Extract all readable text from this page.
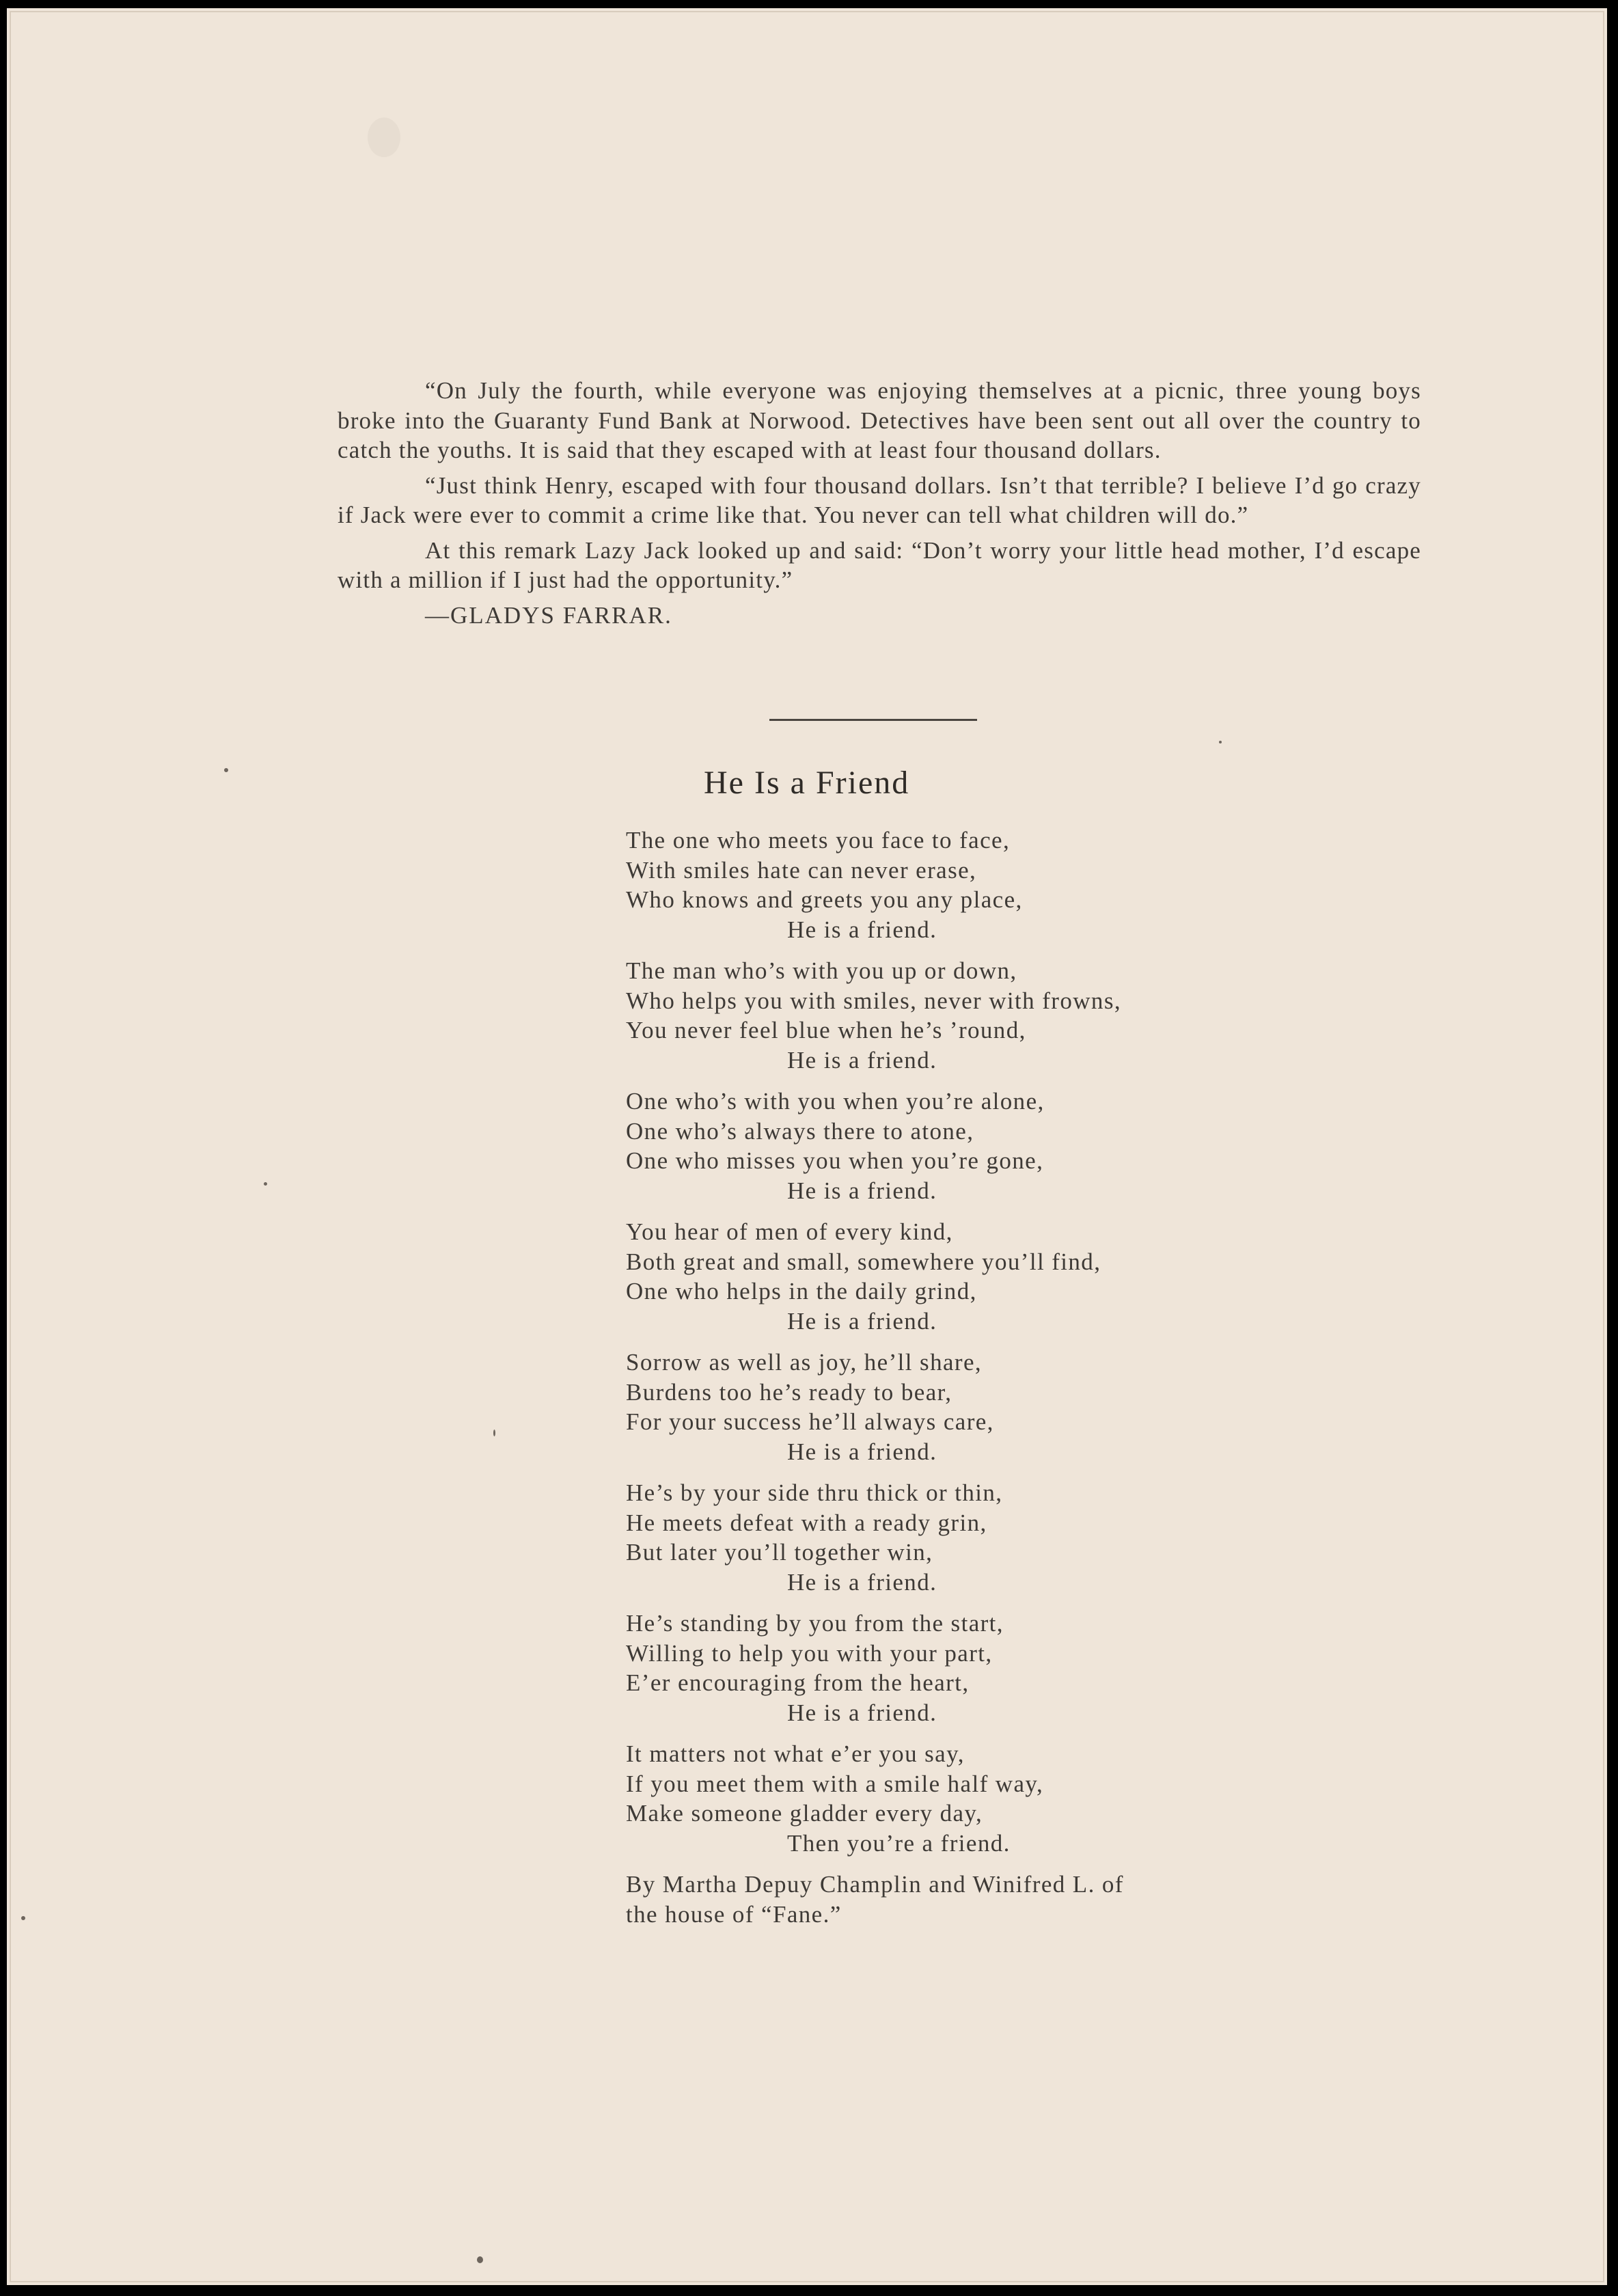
“On July the fourth, while everyone was enjoying themselves at a picnic, three young boys broke into the Guaranty Fund Bank at Norwood. Detectives have been sent out all over the country to catch the youths. It is said that they escaped with at least four thousand dollars.

“Just think Henry, escaped with four thousand dollars. Isn’t that terrible? I believe I’d go crazy if Jack were ever to commit a crime like that. You never can tell what children will do.”

At this remark Lazy Jack looked up and said: “Don’t worry your little head mother, I’d escape with a million if I just had the opportunity.”

—GLADYS FARRAR.

He Is a Friend
The one who meets you face to face,
With smiles hate can never erase,
Who knows and greets you any place,
He is a friend.
The man who’s with you up or down,
Who helps you with smiles, never with frowns,
You never feel blue when he’s ’round,
He is a friend.
One who’s with you when you’re alone,
One who’s always there to atone,
One who misses you when you’re gone,
He is a friend.
You hear of men of every kind,
Both great and small, somewhere you’ll find,
One who helps in the daily grind,
He is a friend.
Sorrow as well as joy, he’ll share,
Burdens too he’s ready to bear,
For your success he’ll always care,
He is a friend.
He’s by your side thru thick or thin,
He meets defeat with a ready grin,
But later you’ll together win,
He is a friend.
He’s standing by you from the start,
Willing to help you with your part,
E’er encouraging from the heart,
He is a friend.
It matters not what e’er you say,
If you meet them with a smile half way,
Make someone gladder every day,
Then you’re a friend.
By Martha Depuy Champlin and Winifred L. of
the house of “Fane.”
